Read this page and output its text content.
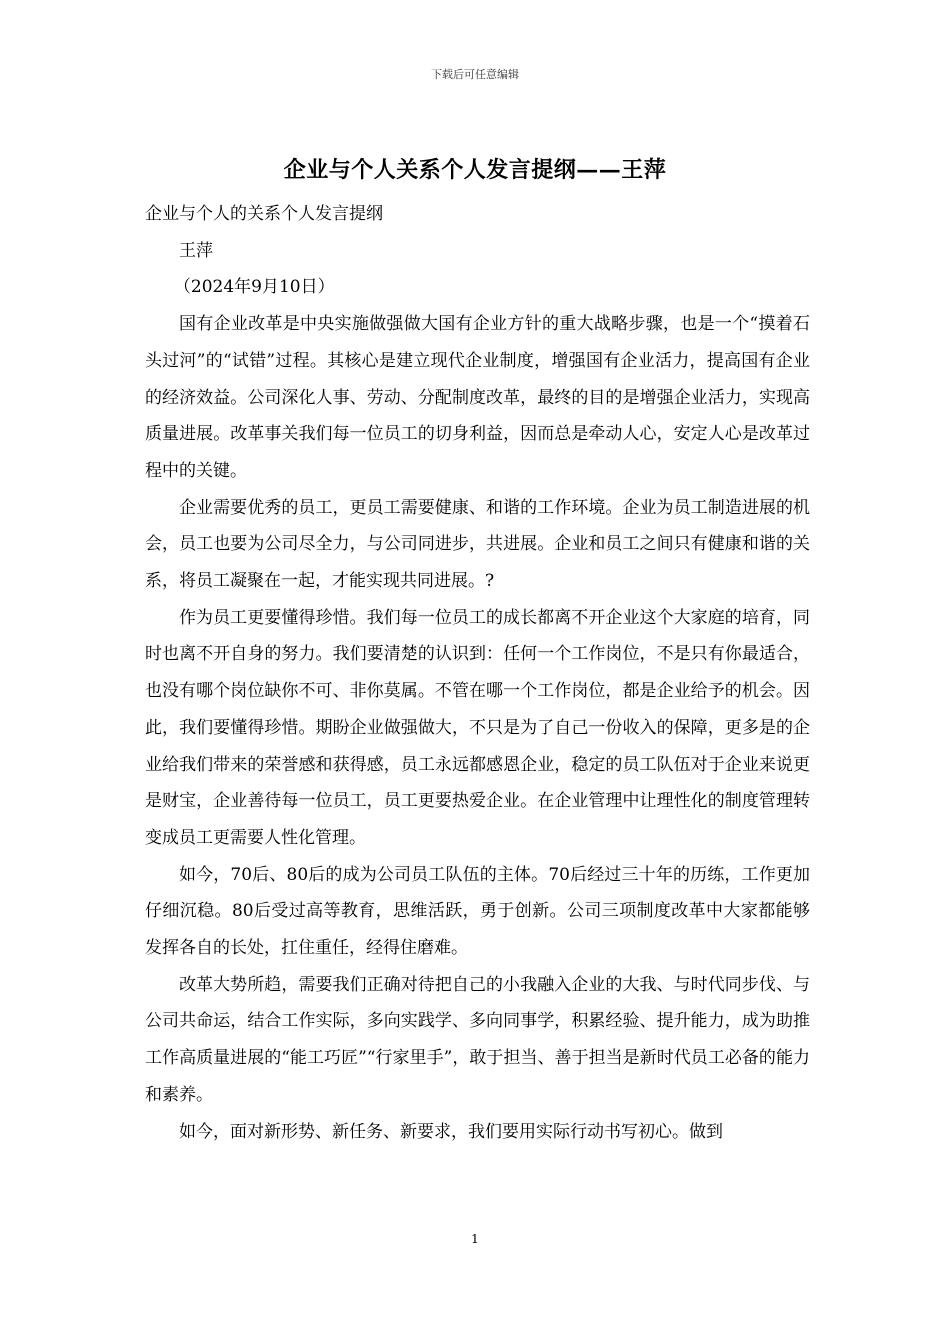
下载后可任意编辑
企业与个人关系个人发言提纲——王萍

企业与个人的关系个人发言提纲

王萍

（2024年9月10日）

国有企业改革是中央实施做强做大国有企业方针的重大战略步骤，也是一个“摸着石头过河”的“试错”过程。其核心是建立现代企业制度，增强国有企业活力，提高国有企业的经济效益。公司深化人事、劳动、分配制度改革，最终的目的是增强企业活力，实现高质量进展。改革事关我们每一位员工的切身利益，因而总是牵动人心，安定人心是改革过程中的关键。

企业需要优秀的员工，更员工需要健康、和谐的工作环境。企业为员工制造进展的机会，员工也要为公司尽全力，与公司同进步，共进展。企业和员工之间只有健康和谐的关系，将员工凝聚在一起，才能实现共同进展。?

作为员工更要懂得珍惜。我们每一位员工的成长都离不开企业这个大家庭的培育，同时也离不开自身的努力。我们要清楚的认识到：任何一个工作岗位，不是只有你最适合，也没有哪个岗位缺你不可、非你莫属。不管在哪一个工作岗位，都是企业给予的机会。因此，我们要懂得珍惜。期盼企业做强做大，不只是为了自己一份收入的保障，更多是的企业给我们带来的荣誉感和获得感，员工永远都感恩企业，稳定的员工队伍对于企业来说更是财宝，企业善待每一位员工，员工更要热爱企业。在企业管理中让理性化的制度管理转变成员工更需要人性化管理。

如今，70后、80后的成为公司员工队伍的主体。70后经过三十年的历练，工作更加仔细沉稳。80后受过高等教育，思维活跃，勇于创新。公司三项制度改革中大家都能够发挥各自的长处，扛住重任，经得住磨难。

改革大势所趋，需要我们正确对待把自己的小我融入企业的大我、与时代同步伐、与公司共命运，结合工作实际，多向实践学、多向同事学，积累经验、提升能力，成为助推工作高质量进展的“能工巧匠”“行家里手”，敢于担当、善于担当是新时代员工必备的能力和素养。

如今，面对新形势、新任务、新要求，我们要用实际行动书写初心。做到

1
